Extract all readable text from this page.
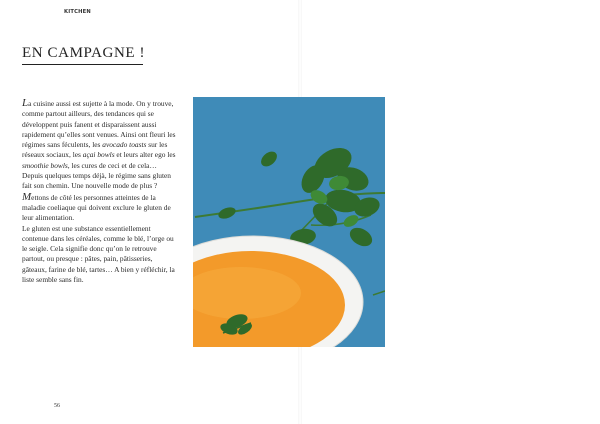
KITCHEN
EN CAMPAGNE !

La cuisine aussi est sujette à la mode. On y trouve, comme partout ailleurs, des tendances qui se développent puis fanent et disparaissent aussi rapidement qu’elles sont venues. Ainsi ont fleuri les régimes sans féculents, les avocado toasts sur les réseaux sociaux, les açai bowls et leurs alter ego les smoothie bowls, les cures de ceci et de cela… Depuis quelques temps déjà, le régime sans gluten fait son chemin. Une nouvelle mode de plus ?

Mettons de côté les personnes atteintes de la maladie coeliaque qui doivent exclure le gluten de leur alimentation.

Le gluten est une substance essentiellement contenue dans les céréales, comme le blé, l’orge ou le seigle. Cela signifie donc qu’on le retrouve partout, ou presque : pâtes, pain, pâtisseries, gâteaux, farine de blé, tartes… A bien y réfléchir, la liste semble sans fin.

56
